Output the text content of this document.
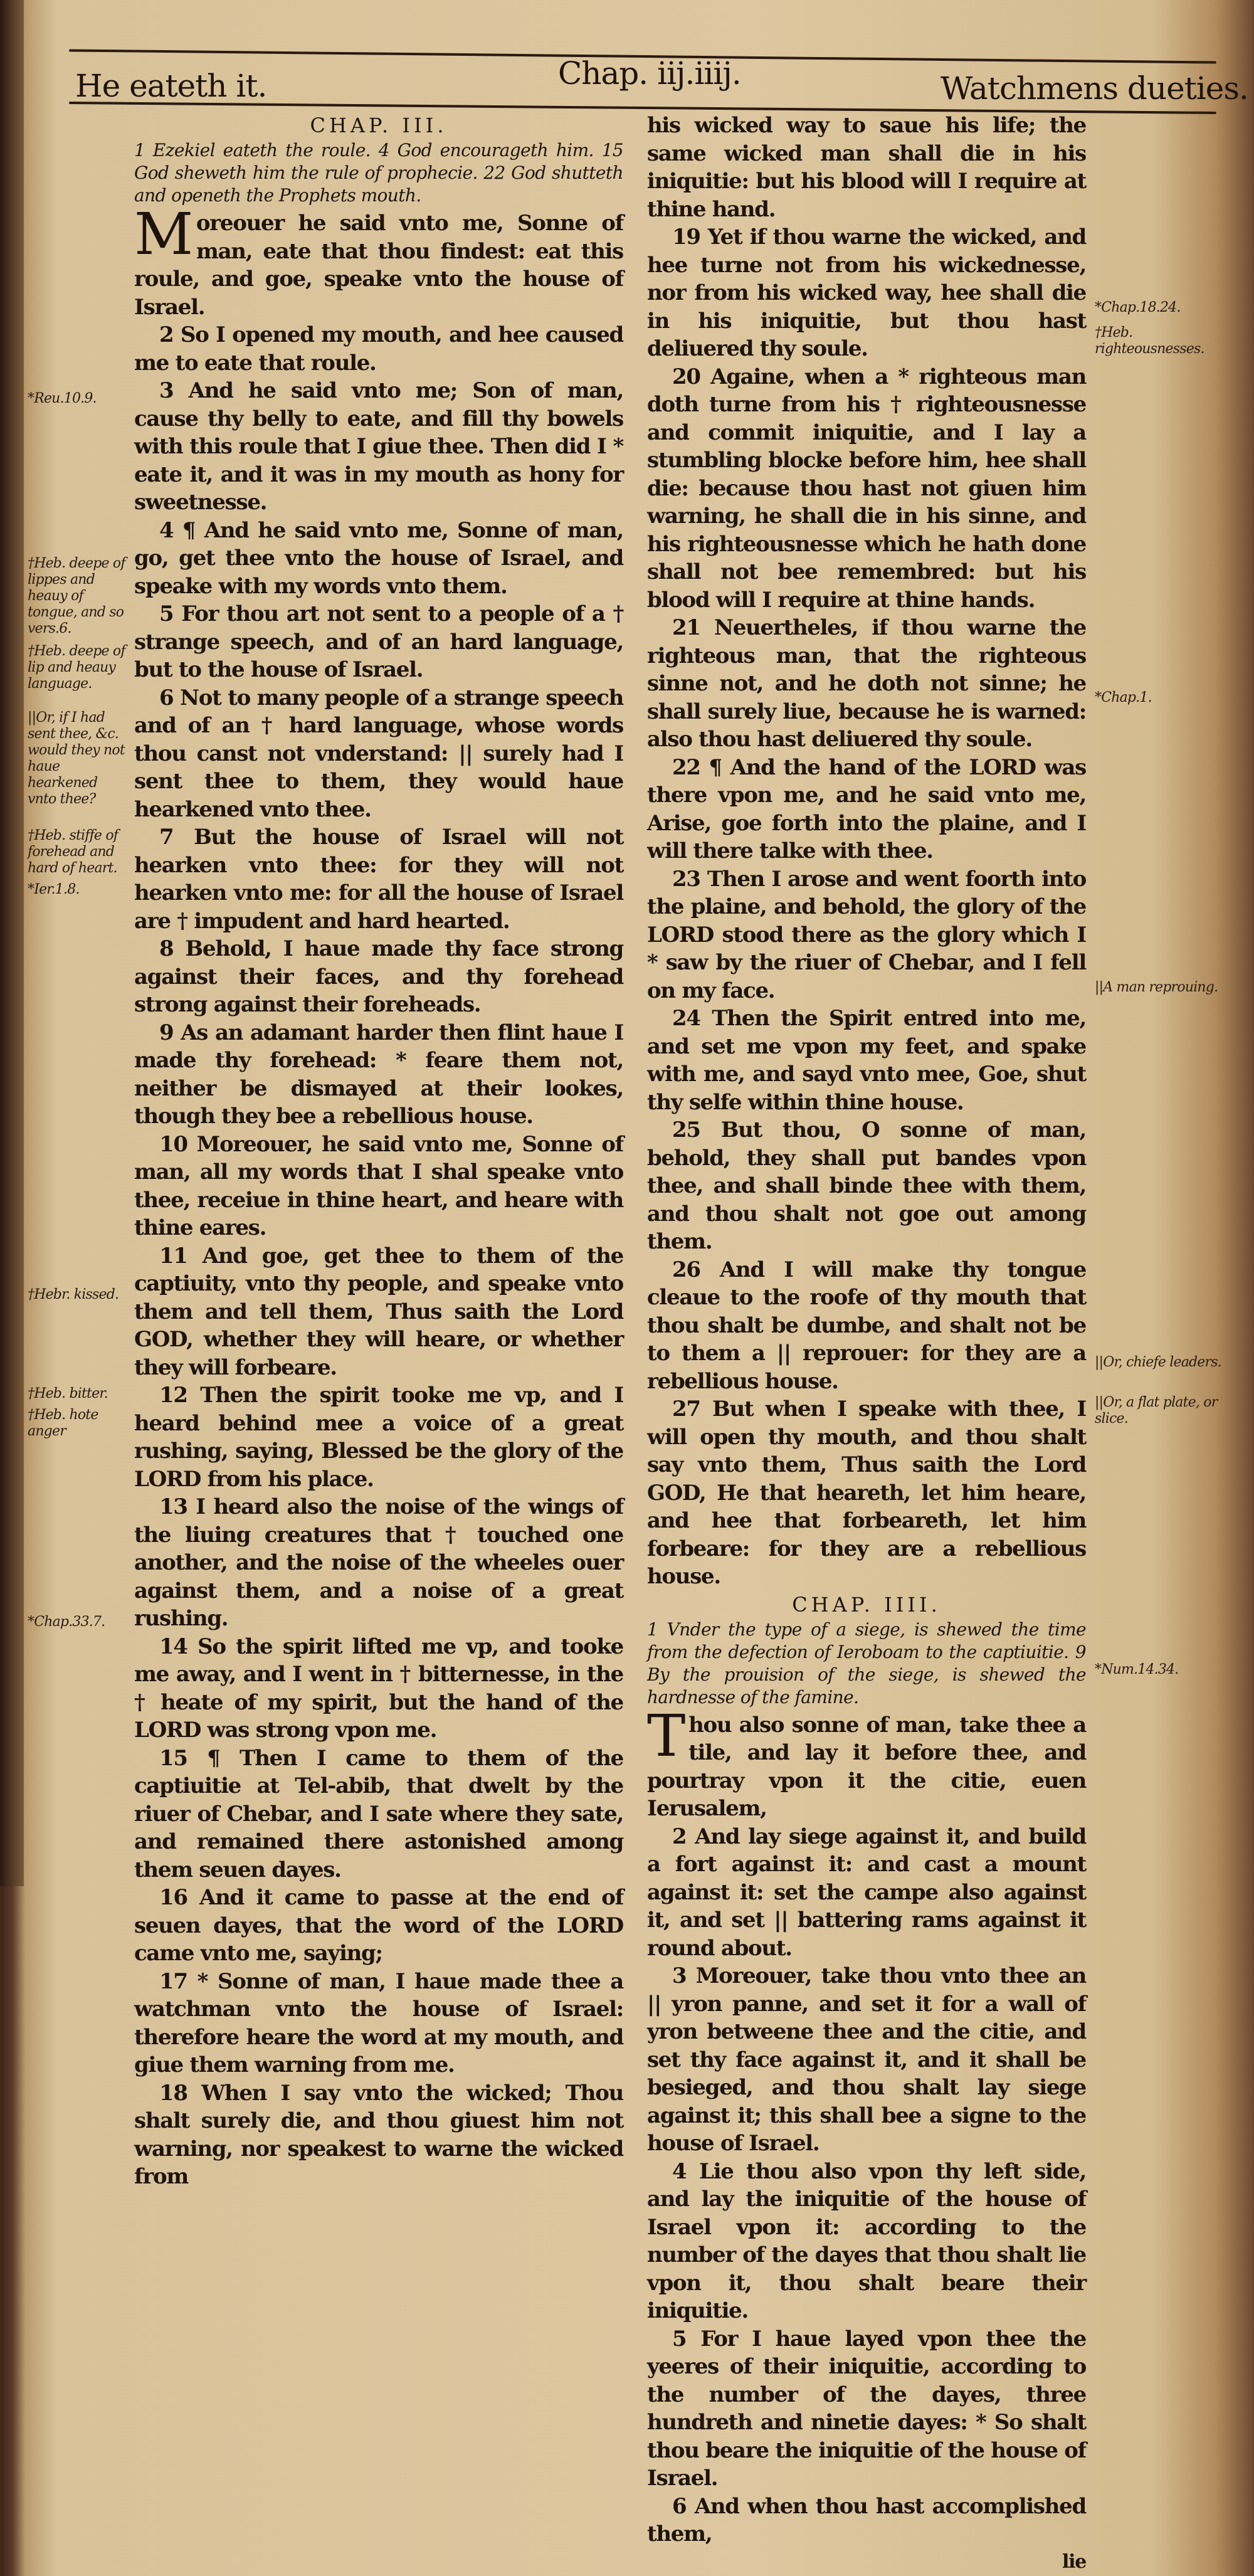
He eateth it.	Chap. iij.iiij.	Watchmens dueties.
CHAP. III.
1 Ezekiel eateth the roule. 4 God encourageth him. 15 God sheweth him the rule of prophecie. 22 God shutteth and openeth the Prophets mouth.

Moreouer he said vnto me, Sonne of man, eate that thou findest: eat this roule, and goe, speake vnto the house of Israel.

2 So I opened my mouth, and hee caused me to eate that roule.

3 And he said vnto me; Son of man, cause thy belly to eate, and fill thy bowels with this roule that I giue thee. Then did I * eate it, and it was in my mouth as hony for sweetnesse.

4 ¶ And he said vnto me, Sonne of man, go, get thee vnto the house of Israel, and speake with my words vnto them.

5 For thou art not sent to a people of a † strange speech, and of an hard language, but to the house of Israel.

6 Not to many people of a strange speech and of an † hard language, whose words thou canst not vnderstand: || surely had I sent thee to them, they would haue hearkened vnto thee.

7 But the house of Israel will not hearken vnto thee: for they will not hearken vnto me: for all the house of Israel are † impudent and hard hearted.

8 Behold, I haue made thy face strong against their faces, and thy forehead strong against their foreheads.

9 As an adamant harder then flint haue I made thy forehead: * feare them not, neither be dismayed at their lookes, though they bee a rebellious house.

10 Moreouer, he said vnto me, Sonne of man, all my words that I shal speake vnto thee, receiue in thine heart, and heare with thine eares.

11 And goe, get thee to them of the captiuity, vnto thy people, and speake vnto them and tell them, Thus saith the Lord GOD, whether they will heare, or whether they will forbeare.

12 Then the spirit tooke me vp, and I heard behind mee a voice of a great rushing, saying, Blessed be the glory of the LORD from his place.

13 I heard also the noise of the wings of the liuing creatures that † touched one another, and the noise of the wheeles ouer against them, and a noise of a great rushing.

14 So the spirit lifted me vp, and tooke me away, and I went in † bitternesse, in the † heate of my spirit, but the hand of the LORD was strong vpon me.

15 ¶ Then I came to them of the captiuitie at Tel-abib, that dwelt by the riuer of Chebar, and I sate where they sate, and remained there astonished among them seuen dayes.

16 And it came to passe at the end of seuen dayes, that the word of the LORD came vnto me, saying;

17 * Sonne of man, I haue made thee a watchman vnto the house of Israel: therefore heare the word at my mouth, and giue them warning from me.

18 When I say vnto the wicked; Thou shalt surely die, and thou giuest him not warning, nor speakest to warne the wicked from

his wicked way to saue his life; the same wicked man shall die in his iniquitie: but his blood will I require at thine hand.

19 Yet if thou warne the wicked, and hee turne not from his wickednesse, nor from his wicked way, hee shall die in his iniquitie, but thou hast deliuered thy soule.

20 Againe, when a * righteous man doth turne from his † righteousnesse and commit iniquitie, and I lay a stumbling blocke before him, hee shall die: because thou hast not giuen him warning, he shall die in his sinne, and his righteousnesse which he hath done shall not bee remembred: but his blood will I require at thine hands.

21 Neuertheles, if thou warne the righteous man, that the righteous sinne not, and he doth not sinne; he shall surely liue, because he is warned: also thou hast deliuered thy soule.

22 ¶ And the hand of the LORD was there vpon me, and he said vnto me, Arise, goe forth into the plaine, and I will there talke with thee.

23 Then I arose and went foorth into the plaine, and behold, the glory of the LORD stood there as the glory which I * saw by the riuer of Chebar, and I fell on my face.

24 Then the Spirit entred into me, and set me vpon my feet, and spake with me, and sayd vnto mee, Goe, shut thy selfe within thine house.

25 But thou, O sonne of man, behold, they shall put bandes vpon thee, and shall binde thee with them, and thou shalt not goe out among them.

26 And I will make thy tongue cleaue to the roofe of thy mouth that thou shalt be dumbe, and shalt not be to them a || reprouer: for they are a rebellious house.

27 But when I speake with thee, I will open thy mouth, and thou shalt say vnto them, Thus saith the Lord GOD, He that heareth, let him heare, and hee that forbeareth, let him forbeare: for they are a rebellious house.

CHAP. IIII.
1 Vnder the type of a siege, is shewed the time from the defection of Ieroboam to the captiuitie. 9 By the prouision of the siege, is shewed the hardnesse of the famine.

Thou also sonne of man, take thee a tile, and lay it before thee, and pourtray vpon it the citie, euen Ierusalem,

2 And lay siege against it, and build a fort against it: and cast a mount against it: set the campe also against it, and set || battering rams against it round about.

3 Moreouer, take thou vnto thee an || yron panne, and set it for a wall of yron betweene thee and the citie, and set thy face against it, and it shall be besieged, and thou shalt lay siege against it; this shall bee a signe to the house of Israel.

4 Lie thou also vpon thy left side, and lay the iniquitie of the house of Israel vpon it: according to the number of the dayes that thou shalt lie vpon it, thou shalt beare their iniquitie.

5 For I haue layed vpon thee the yeeres of their iniquitie, according to the number of the dayes, three hundreth and ninetie dayes: * So shalt thou beare the iniquitie of the house of Israel.

6 And when thou hast accomplished them,

lie
*Reu.10.9.
†Heb. deepe of lippes and heauy of tongue, and so vers.6.
†Heb. deepe of lip and heauy language.
||Or, if I had sent thee, &c. would they not haue hearkened vnto thee?
†Heb. stiffe of forehead and hard of heart.
*Ier.1.8.
†Hebr. kissed.
†Heb. bitter.
†Heb. hote anger
*Chap.33.7.
*Chap.18.24.
†Heb. righteousnesses.
*Chap.1.
||A man reprouing.
||Or, chiefe leaders.
||Or, a flat plate, or slice.
*Num.14.34.
